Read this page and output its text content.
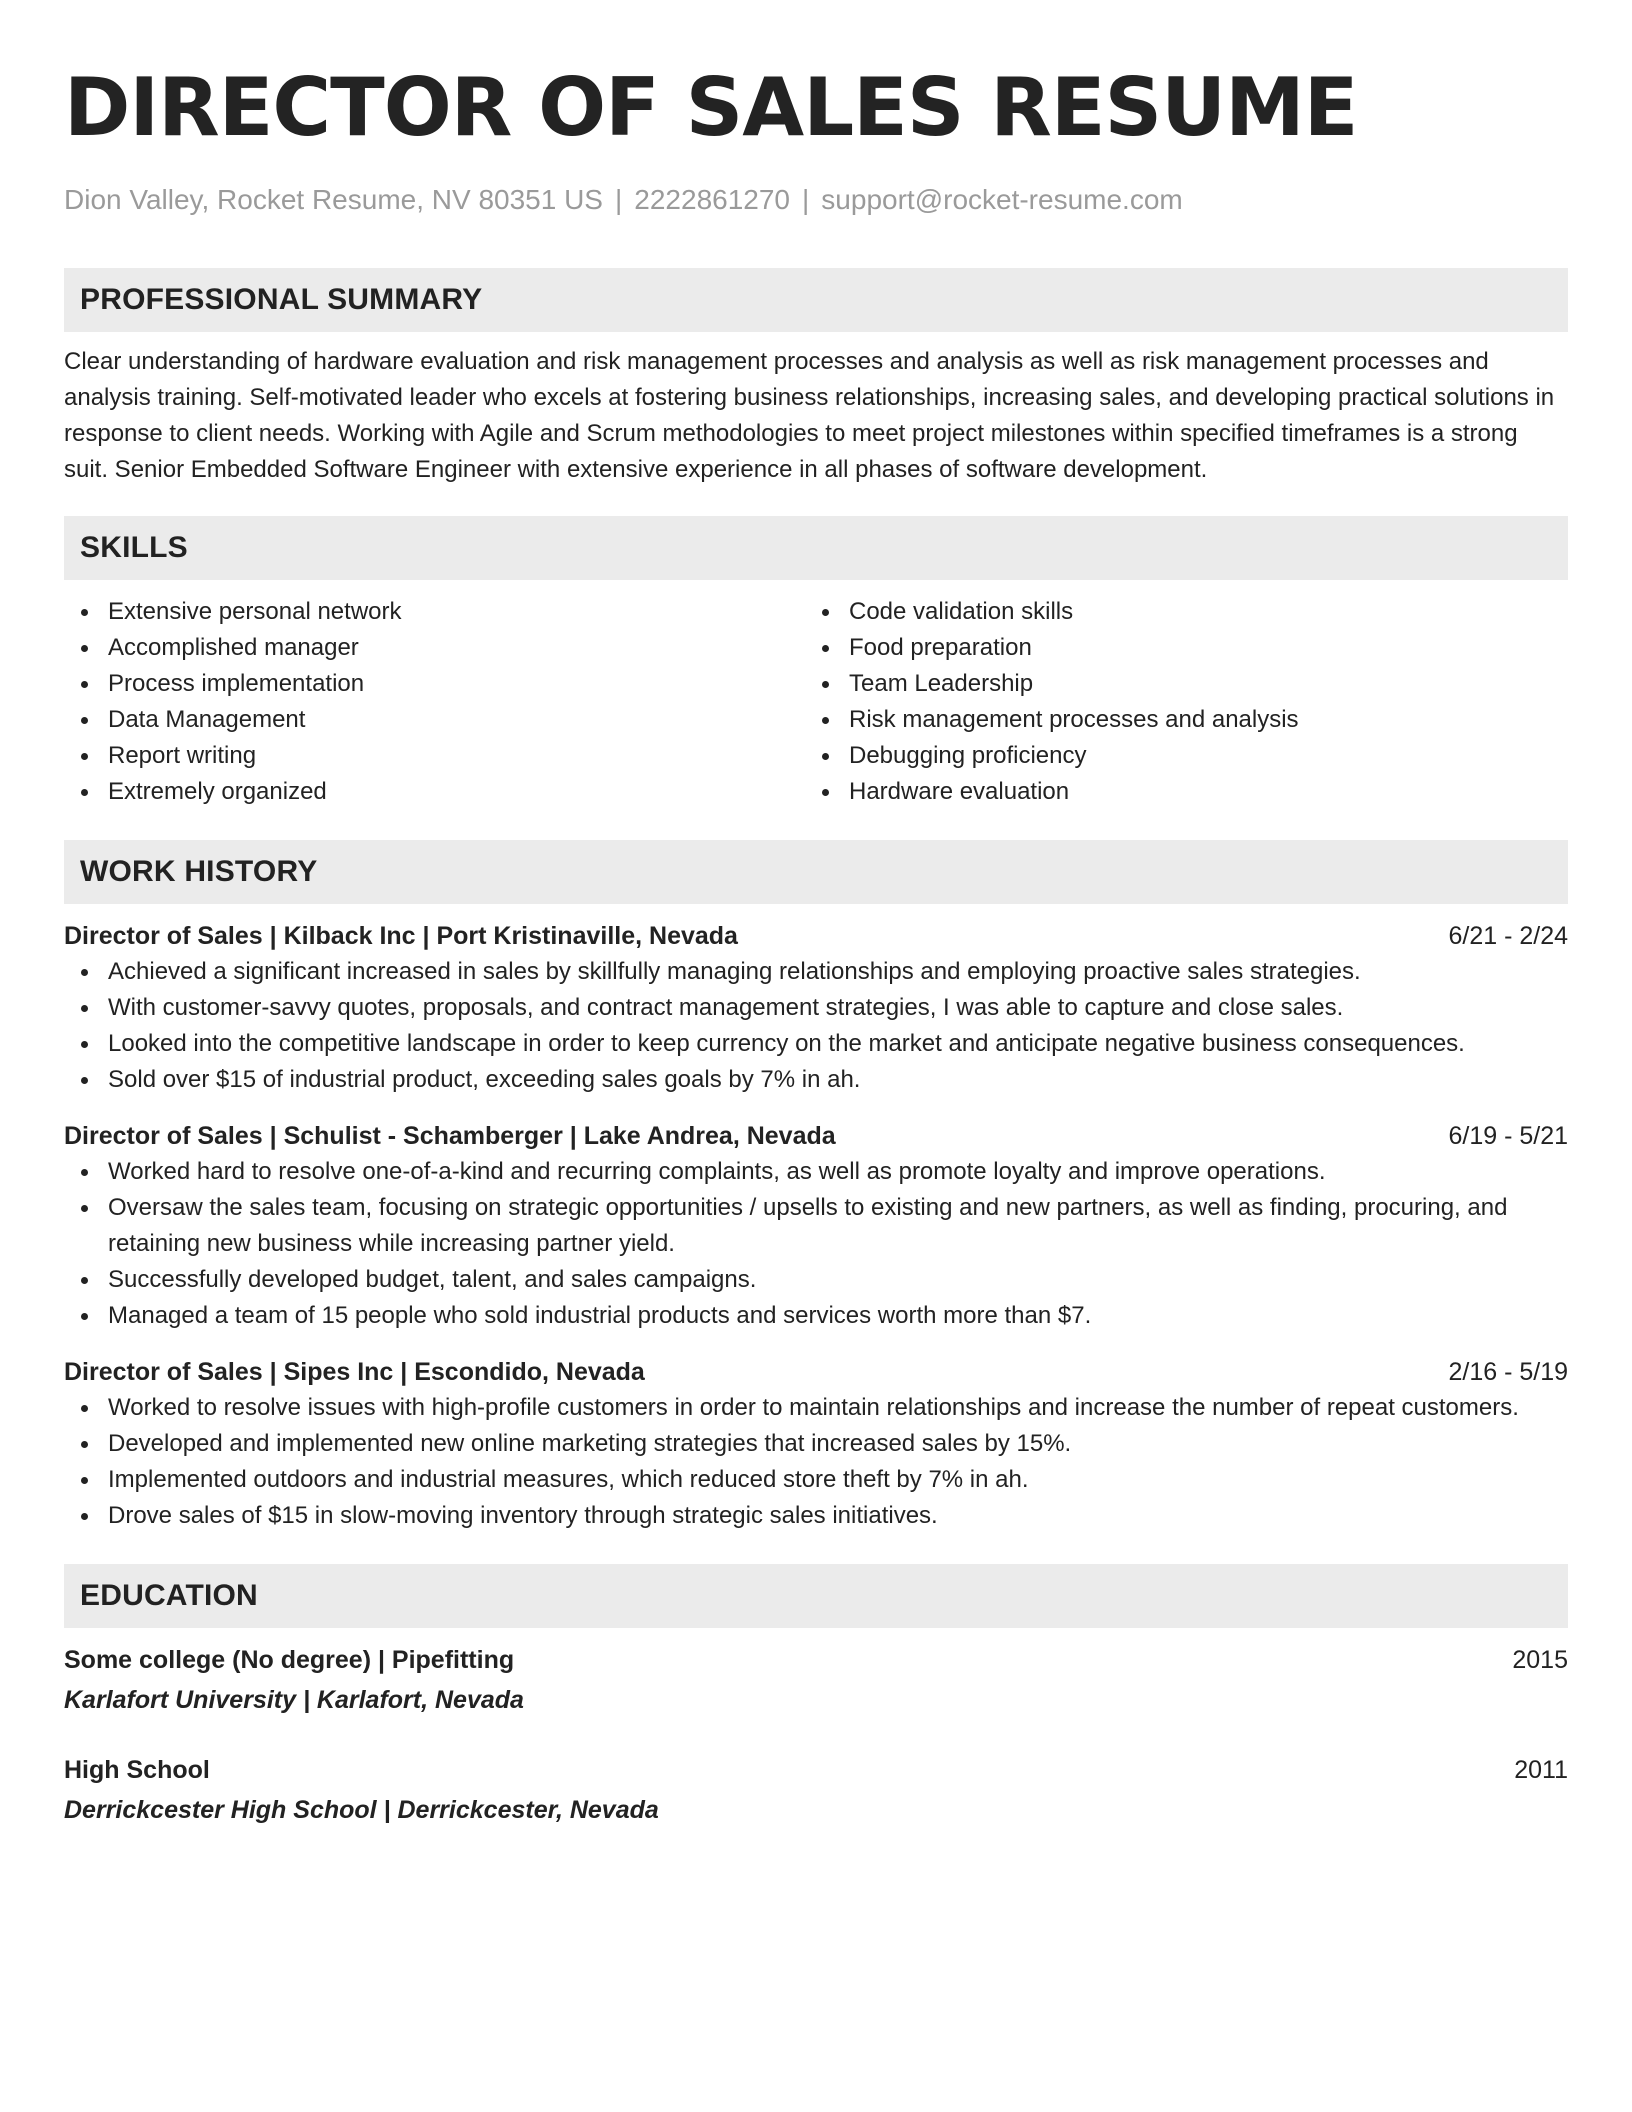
DIRECTOR OF SALES RESUME
Dion Valley, Rocket Resume, NV 80351 US | 2222861270 | support@rocket-resume.com
PROFESSIONAL SUMMARY

Clear understanding of hardware evaluation and risk management processes and analysis as well as risk management processes and analysis training. Self-motivated leader who excels at fostering business relationships, increasing sales, and developing practical solutions in response to client needs. Working with Agile and Scrum methodologies to meet project milestones within specified timeframes is a strong suit. Senior Embedded Software Engineer with extensive experience in all phases of software development.

SKILLS
Extensive personal network
Accomplished manager
Process implementation
Data Management
Report writing
Extremely organized
Code validation skills
Food preparation
Team Leadership
Risk management processes and analysis
Debugging proficiency
Hardware evaluation
WORK HISTORY
Director of Sales | Kilback Inc | Port Kristinaville, Nevada	6/21 - 2/24
Achieved a significant increased in sales by skillfully managing relationships and employing proactive sales strategies.
With customer-savvy quotes, proposals, and contract management strategies, I was able to capture and close sales.
Looked into the competitive landscape in order to keep currency on the market and anticipate negative business consequences.
Sold over $15 of industrial product, exceeding sales goals by 7% in ah.
Director of Sales | Schulist - Schamberger | Lake Andrea, Nevada	6/19 - 5/21
Worked hard to resolve one-of-a-kind and recurring complaints, as well as promote loyalty and improve operations.
Oversaw the sales team, focusing on strategic opportunities / upsells to existing and new partners, as well as finding, procuring, and retaining new business while increasing partner yield.
Successfully developed budget, talent, and sales campaigns.
Managed a team of 15 people who sold industrial products and services worth more than $7.
Director of Sales | Sipes Inc | Escondido, Nevada	2/16 - 5/19
Worked to resolve issues with high-profile customers in order to maintain relationships and increase the number of repeat customers.
Developed and implemented new online marketing strategies that increased sales by 15%.
Implemented outdoors and industrial measures, which reduced store theft by 7% in ah.
Drove sales of $15 in slow-moving inventory through strategic sales initiatives.
EDUCATION
Some college (No degree) | Pipefitting	2015
Karlafort University | Karlafort, Nevada
High School	2011
Derrickcester High School | Derrickcester, Nevada
